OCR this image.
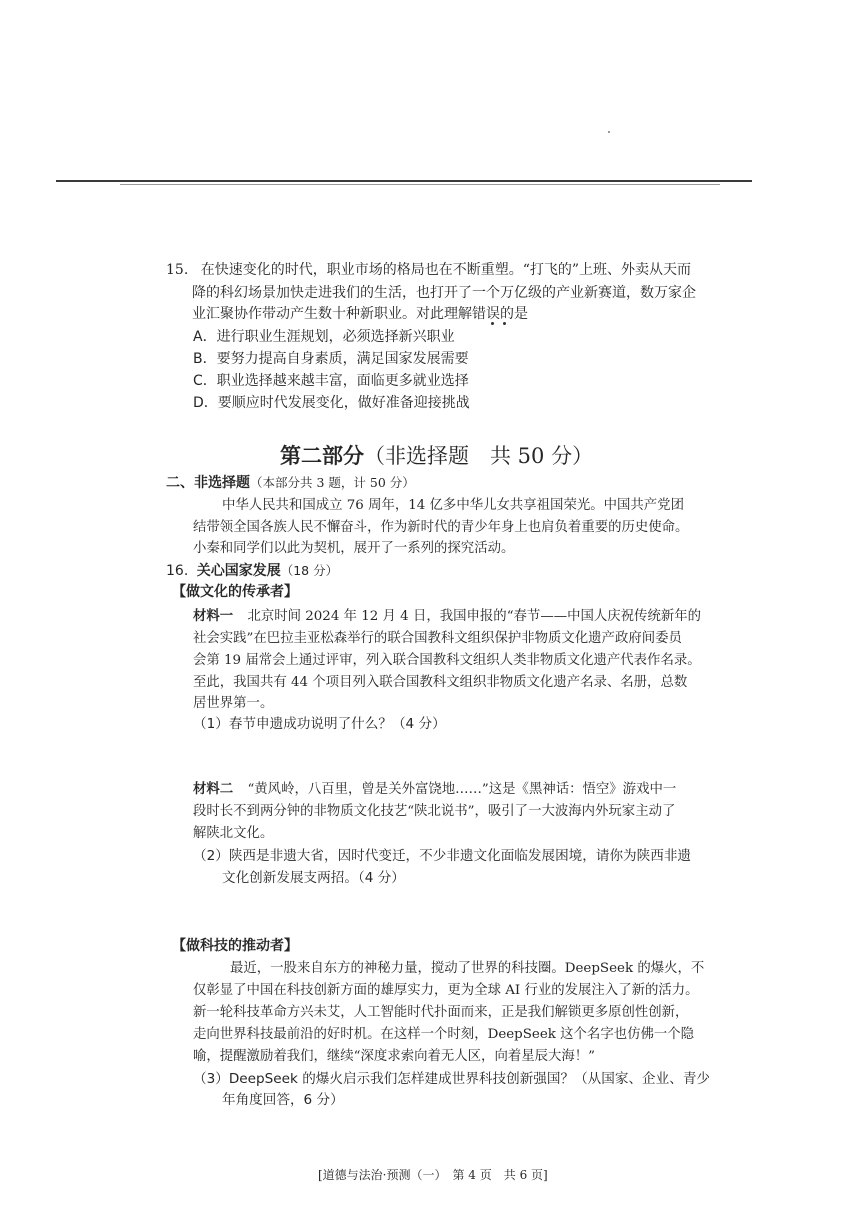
15. 在快速变化的时代，职业市场的格局也在不断重塑。“打飞的”上班、外卖从天而
降的科幻场景加快走进我们的生活，也打开了一个万亿级的产业新赛道，数万家企
业汇聚协作带动产生数十种新职业。对此理解错误的是
A．进行职业生涯规划，必须选择新兴职业
B．要努力提高自身素质，满足国家发展需要
C．职业选择越来越丰富，面临更多就业选择
D．要顺应时代发展变化，做好准备迎接挑战
第二部分（非选择题　共 50 分）
二、非选择题（本部分共 3 题，计 50 分）
中华人民共和国成立 76 周年，14 亿多中华儿女共享祖国荣光。中国共产党团
结带领全国各族人民不懈奋斗，作为新时代的青少年身上也肩负着重要的历史使命。
小秦和同学们以此为契机，展开了一系列的探究活动。
16. 关心国家发展（18 分）
【做文化的传承者】
材料一 北京时间 2024 年 12 月 4 日，我国申报的“春节——中国人庆祝传统新年的
社会实践”在巴拉圭亚松森举行的联合国教科文组织保护非物质文化遗产政府间委员
会第 19 届常会上通过评审，列入联合国教科文组织人类非物质文化遗产代表作名录。
至此，我国共有 44 个项目列入联合国教科文组织非物质文化遗产名录、名册，总数
居世界第一。
（1）春节申遗成功说明了什么？（4 分）
材料二 “黄风岭，八百里，曾是关外富饶地……”这是《黑神话：悟空》游戏中一
段时长不到两分钟的非物质文化技艺“陕北说书”，吸引了一大波海内外玩家主动了
解陕北文化。
（2）陕西是非遗大省，因时代变迁，不少非遗文化面临发展困境，请你为陕西非遗
文化创新发展支两招。（4 分）
【做科技的推动者】
最近，一股来自东方的神秘力量，搅动了世界的科技圈。DeepSeek 的爆火，不
仅彰显了中国在科技创新方面的雄厚实力，更为全球 AI 行业的发展注入了新的活力。
新一轮科技革命方兴未艾，人工智能时代扑面而来，正是我们解锁更多原创性创新，
走向世界科技最前沿的好时机。在这样一个时刻，DeepSeek 这个名字也仿佛一个隐
喻，提醒激励着我们，继续“深度求索向着无人区，向着星辰大海！”
（3）DeepSeek 的爆火启示我们怎样建成世界科技创新强国？（从国家、企业、青少
年角度回答，6 分）
[道德与法治·预测（一）　第 4 页　共 6 页]
